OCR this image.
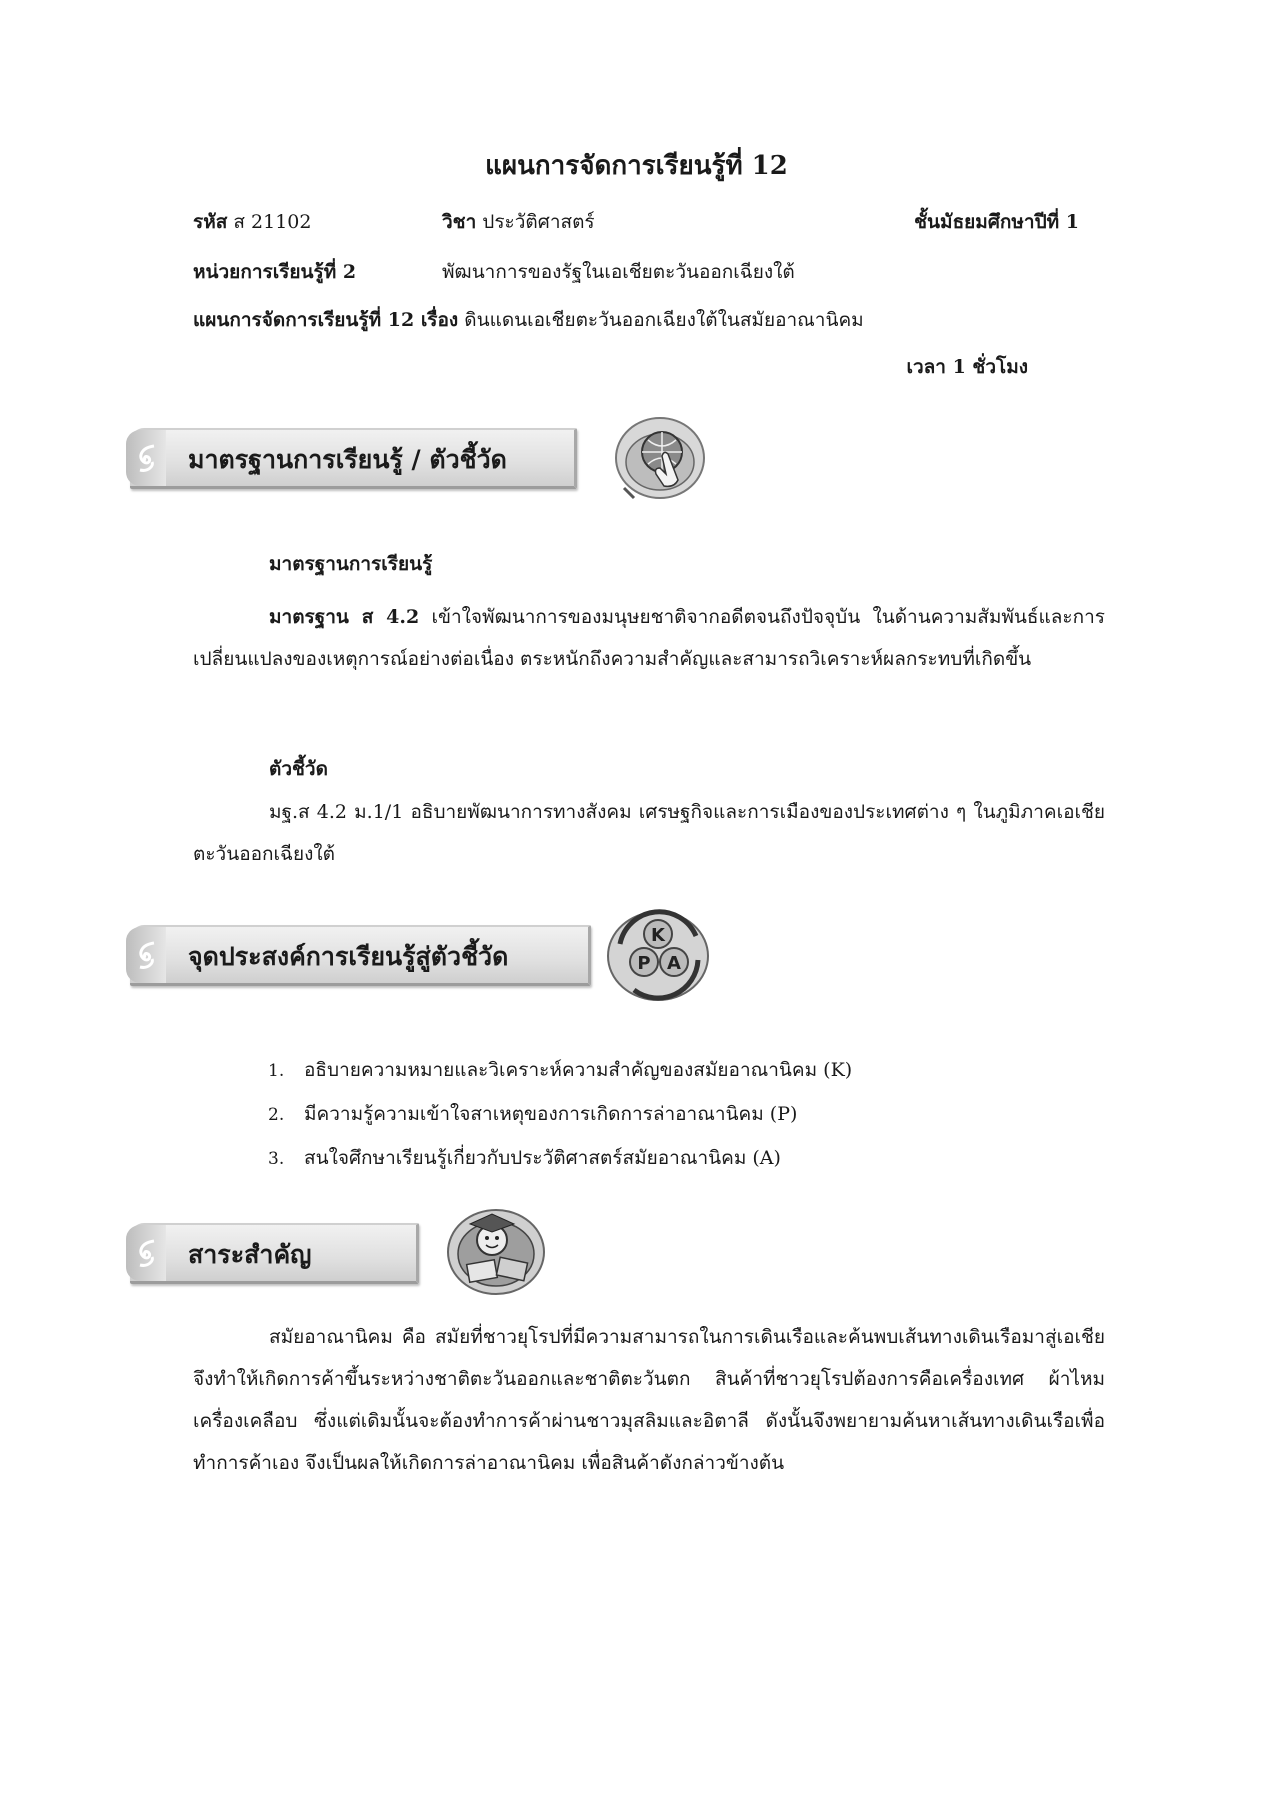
แผนการจัดการเรียนรู้ที่ 12
รหัส ส 21102	วิชา ประวัติศาสตร์	ชั้นมัธยมศึกษาปีที่ 1
หน่วยการเรียนรู้ที่ 2	พัฒนาการของรัฐในเอเชียตะวันออกเฉียงใต้
แผนการจัดการเรียนรู้ที่ 12 เรื่อง ดินแดนเอเชียตะวันออกเฉียงใต้ในสมัยอาณานิคม
เวลา 1 ชั่วโมง
มาตรฐานการเรียนรู้ / ตัวชี้วัด
มาตรฐานการเรียนรู้
มาตรฐาน ส 4.2 เข้าใจพัฒนาการของมนุษยชาติจากอดีตจนถึงปัจจุบัน ในด้านความสัมพันธ์และการเปลี่ยนแปลงของเหตุการณ์อย่างต่อเนื่อง ตระหนักถึงความสำคัญและสามารถวิเคราะห์ผลกระทบที่เกิดขึ้น
ตัวชี้วัด
มฐ.ส 4.2 ม.1/1 อธิบายพัฒนาการทางสังคม เศรษฐกิจและการเมืองของประเทศต่าง ๆ ในภูมิภาคเอเชียตะวันออกเฉียงใต้
จุดประสงค์การเรียนรู้สู่ตัวชี้วัด
K
P A
1. อธิบายความหมายและวิเคราะห์ความสำคัญของสมัยอาณานิคม (K)
2. มีความรู้ความเข้าใจสาเหตุของการเกิดการล่าอาณานิคม (P)
3. สนใจศึกษาเรียนรู้เกี่ยวกับประวัติศาสตร์สมัยอาณานิคม (A)
สาระสำคัญ
สมัยอาณานิคม คือ สมัยที่ชาวยุโรปที่มีความสามารถในการเดินเรือและค้นพบเส้นทางเดินเรือมาสู่เอเชีย จึงทำให้เกิดการค้าขึ้นระหว่างชาติตะวันออกและชาติตะวันตก สินค้าที่ชาวยุโรปต้องการคือเครื่องเทศ ผ้าไหม เครื่องเคลือบ ซึ่งแต่เดิมนั้นจะต้องทำการค้าผ่านชาวมุสลิมและอิตาลี ดังนั้นจึงพยายามค้นหาเส้นทางเดินเรือเพื่อทำการค้าเอง จึงเป็นผลให้เกิดการล่าอาณานิคม เพื่อสินค้าดังกล่าวข้างต้น
